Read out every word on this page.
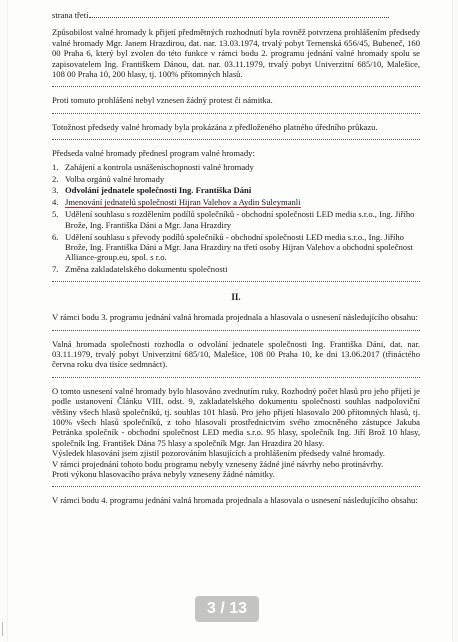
strana třetí

Způsobilost valné hromady k přijetí předmětných rozhodnutí byla rovněž potvrzena prohlášením předsedy valné hromady Mgr. Janem Hrazdirou, dat. nar. 13.03.1974, trvalý pobyt Ternenská 656/45, Bubeneč, 160 00 Praha 6, který byl zvolen do této funkce v rámci bodu 2. programu jednání valné hromady spolu se zapisovatelem Ing. Františkem Dánou, dat. nar. 03.11.1979, trvalý pobyt Univerzitní 685/10, Malešice, 108 00 Praha 10, 200 hlasy, tj. 100% přítomných hlasů.

Proti tomuto prohlášení nebyl vznesen žádný protest či námitka.

Totožnost předsedy valné hromady byla prokázána z předloženého platného úředního průkazu.

Předseda valné hromady přednesl program valné hromady:

1. Zahájení a kontrola usnášeníschopnosti valné hromady
2. Volba orgánů valné hromady
3. Odvolání jednatele společnosti Ing. Františka Dáni
4. Jmenování jednatelů společnosti Hijran Valehov a Aydin Suleymanli
5. Udělení souhlasu s rozdělením podílů společníků - obchodní společnosti LED media s.r.o., Ing. Jiřího Brože, Ing. Františka Dáni a Mgr. Jana Hrazdiry
6. Udělení souhlasu s převody podílů společníků - obchodní společnosti LED media s.r.o., Ing. Jiřího Brože, Ing. Františka Dáni a Mgr. Jana Hrazdiry na třetí osoby Hijran Valehov a obchodní společnost Alliance-group.eu, spol. s r.o.
7. Změna zakladatelského dokumentu společnosti
II.

V rámci bodu 3. programu jednání valná hromada projednala a hlasovala o usnesení následujícího obsahu:

Valná hromada společnosti rozhodla o odvolání jednatele společnosti Ing. Františka Dáni, dat. nar. 03.11.1979, trvalý pobyt Univerzitní 685/10, Malešice, 108 00 Praha 10, ke dni 13.06.2017 (třináctého června roku dva tisíce sedmnáct).

O tomto usnesení valné hromady bylo hlasováno zvednutím ruky. Rozhodný počet hlasů pro jeho přijetí je podle ustanovení Článku VIII. odst. 9, zakladatelského dokumentu společnosti souhlas nadpoloviční většiny všech hlasů společníků, tj. souhlas 101 hlasů. Pro jeho přijetí hlasovalo 200 přítomných hlasů, tj. 100% všech hlasů společníků, z toho hlasovali prostřednictvím svého zmocněného zástupce Jakuba Petránka společník - obchodní společnost LED media s.r.o. 95 hlasy, společník Ing. Jiří Brož 10 hlasy, společník Ing. František Dána 75 hlasy a společník Mgr. Jan Hrazdira 20 hlasy.

Výsledek hlasování jsem zjistil pozorováním hlasujících a prohlášením předsedy valné hromady.

V rámci projednání tohoto bodu programu nebyly vzneseny žádné jiné návrhy nebo protinávrhy.

Proti výkonu hlasovacího práva nebyly vzneseny žádné námitky.

V rámci bodu 4. programu jednání valná hromada projednala a hlasovala o usnesení následujícího obsahu:

3 / 13
